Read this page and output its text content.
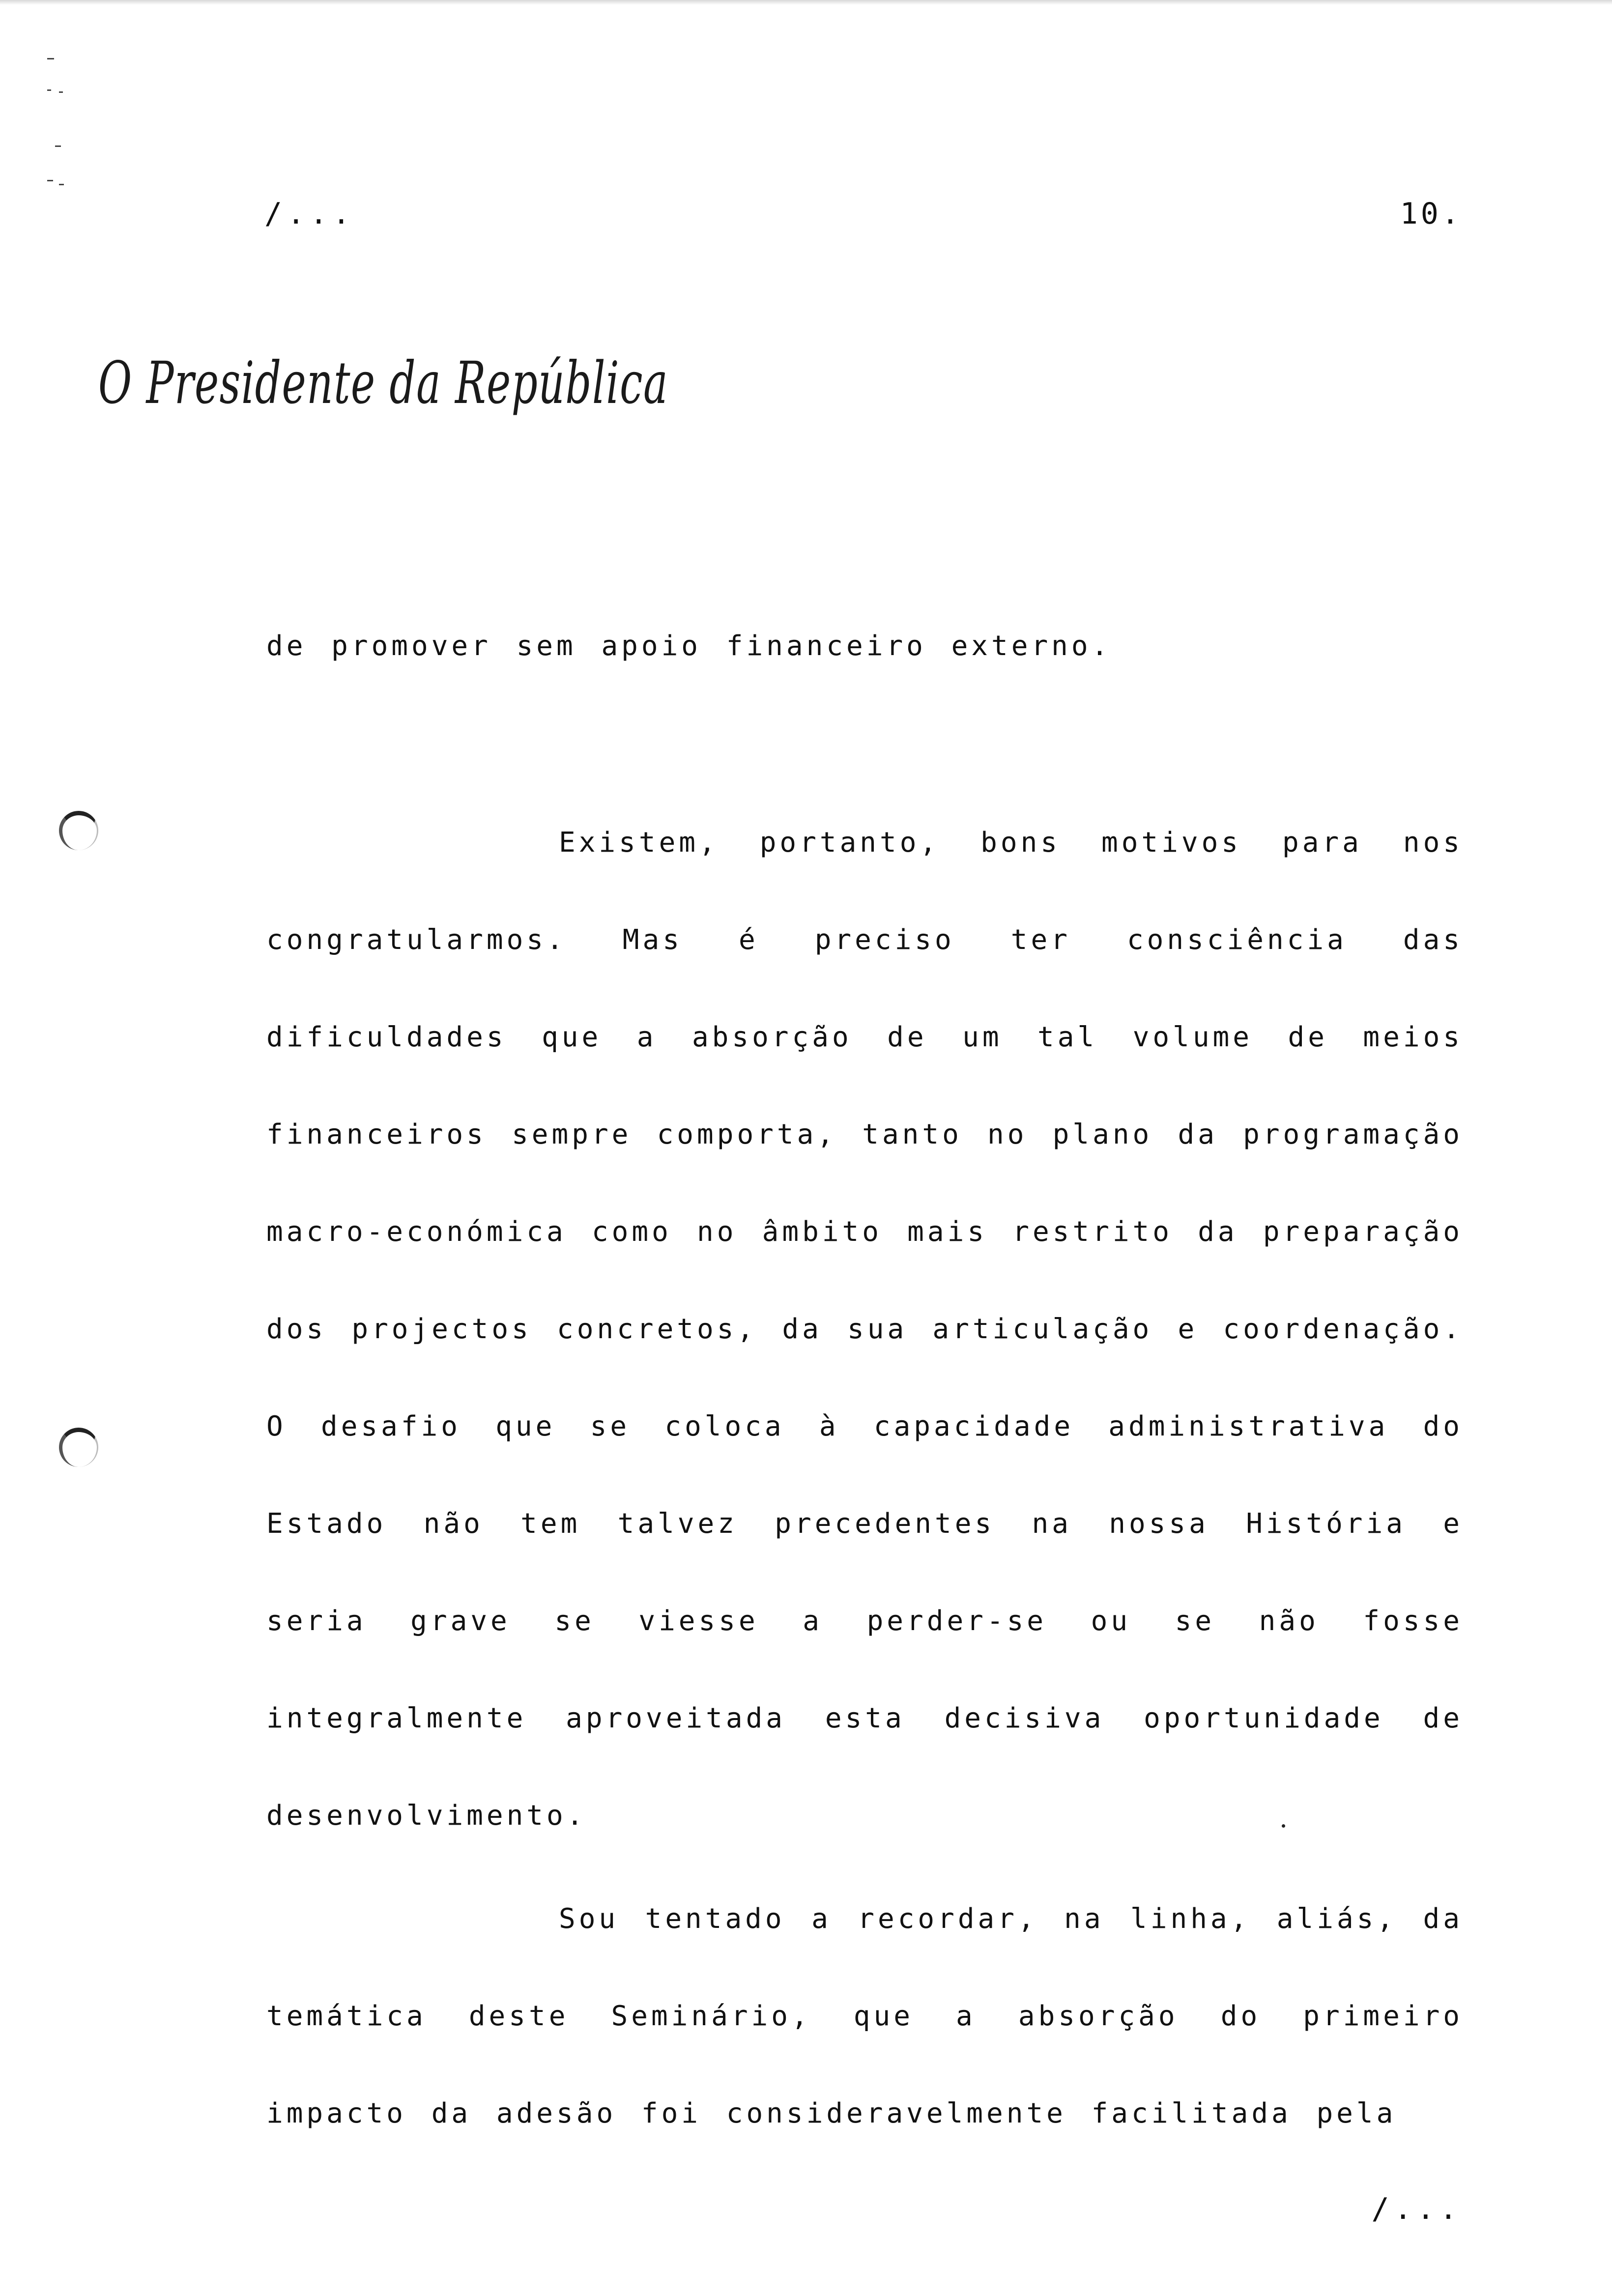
/...	10.
O Presidente da República

de promover sem apoio financeiro externo.

Existem, portanto, bons motivos para nos congratularmos. Mas é preciso ter consciência das dificuldades que a absorção de um tal volume de meios financeiros sempre comporta, tanto no plano da programação macro-económica como no âmbito mais restrito da preparação dos projectos concretos, da sua articulação e coordenação. O desafio que se coloca à capacidade administrativa do Estado não tem talvez precedentes na nossa História e seria grave se viesse a perder-se ou se não fosse integralmente aproveitada esta decisiva oportunidade de desenvolvimento.

Sou tentado a recordar, na linha, aliás, da temática deste Seminário, que a absorção do primeiro impacto da adesão foi consideravelmente facilitada pela

/...
